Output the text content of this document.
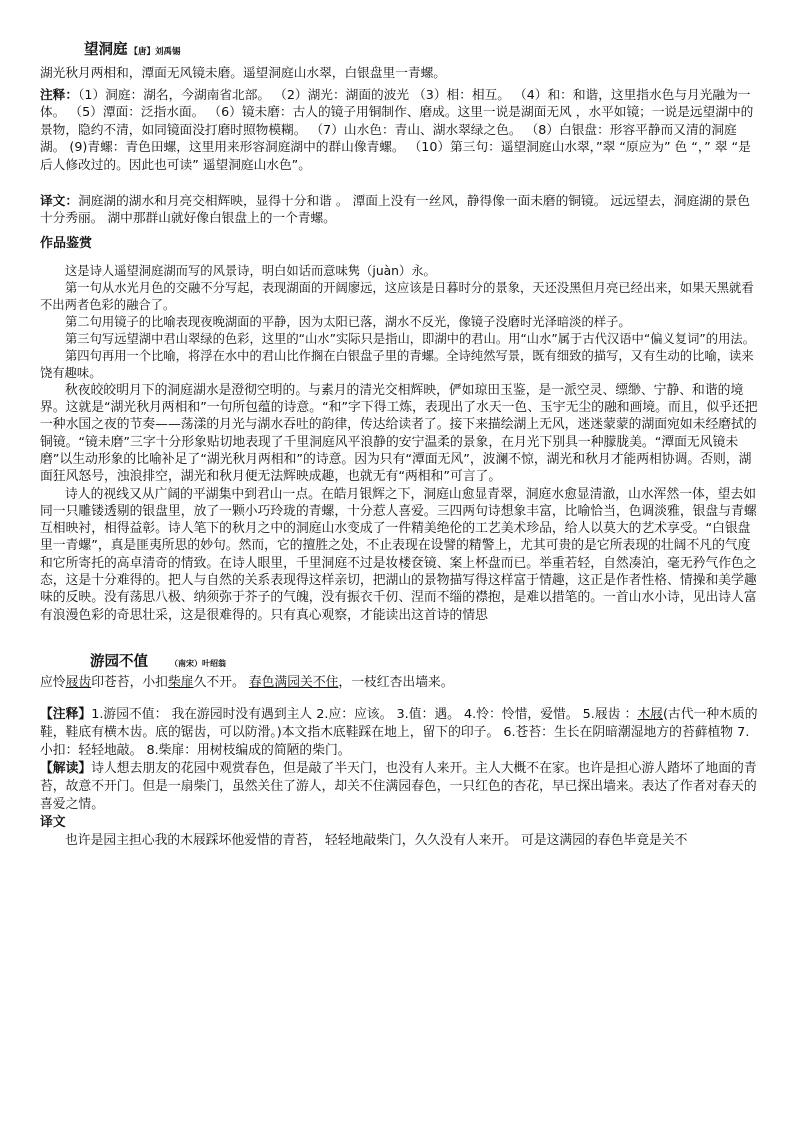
望洞庭 【唐】刘禹锡
湖光秋月两相和，潭面无风镜未磨。遥望洞庭山水翠，白银盘里一青螺。
注释：（1）洞庭：湖名，今湖南省北部。 （2）湖光：湖面的波光 （3）相：相互。 （4）和：和谐，这里指水色与月光融为一体。 （5）潭面：泛指水面。 （6）镜未磨：古人的镜子用铜制作、磨成。这里一说是湖面无风 ，水平如镜；一说是远望湖中的景物，隐约不清，如同镜面没打磨时照物模糊。 （7）山水色：青山、湖水翠绿之色。 （8）白银盘：形容平静而又清的洞庭湖。 (9)青螺：青色田螺，这里用来形容洞庭湖中的群山像青螺。 （10）第三句：遥望洞庭山水翠，”翠 “原应为” 色 “，” 翠 “是后人修改过的。因此也可读” 遥望洞庭山水色”。
译文：洞庭湖的湖水和月亮交相辉映，显得十分和谐 。 潭面上没有一丝风，静得像一面未磨的铜镜。 远远望去，洞庭湖的景色十分秀丽。 湖中那群山就好像白银盘上的一个青螺。
作品鉴赏

这是诗人遥望洞庭湖而写的风景诗，明白如话而意味隽（juàn）永。

第一句从水光月色的交融不分写起，表现湖面的开阔廖远，这应该是日暮时分的景象，天还没黑但月亮已经出来，如果天黑就看不出两者色彩的融合了。

第二句用镜子的比喻表现夜晚湖面的平静，因为太阳已落，湖水不反光，像镜子没磨时光泽暗淡的样子。

第三句写远望湖中君山翠绿的色彩，这里的“山水”实际只是指山，即湖中的君山。用“山水”属于古代汉语中“偏义复词”的用法。

第四句再用一个比喻，将浮在水中的君山比作搁在白银盘子里的青螺。全诗纯然写景，既有细致的描写，又有生动的比喻，读来饶有趣味。

秋夜皎皎明月下的洞庭湖水是澄彻空明的。与素月的清光交相辉映，俨如琼田玉鉴，是一派空灵、缥缈、宁静、和谐的境界。这就是“湖光秋月两相和”一句所包蕴的诗意。“和”字下得工炼，表现出了水天一色、玉宇无尘的融和画境。而且，似乎还把一种水国之夜的节奏——荡漾的月光与湖水吞吐的韵律，传达给读者了。接下来描绘湖上无风，迷迷蒙蒙的湖面宛如未经磨拭的铜镜。“镜未磨”三字十分形象贴切地表现了千里洞庭风平浪静的安宁温柔的景象，在月光下别具一种朦胧美。“潭面无风镜未磨”以生动形象的比喻补足了“湖光秋月两相和”的诗意。因为只有“潭面无风”，波澜不惊，湖光和秋月才能两相协调。否则，湖面狂风怒号，浊浪排空，湖光和秋月便无法辉映成趣，也就无有“两相和”可言了。

诗人的视线又从广阔的平湖集中到君山一点。在皓月银辉之下，洞庭山愈显青翠，洞庭水愈显清澈，山水浑然一体，望去如同一只雕镂透剔的银盘里，放了一颗小巧玲珑的青螺，十分惹人喜爱。三四两句诗想象丰富，比喻恰当，色调淡雅，银盘与青螺互相映衬，相得益彰。诗人笔下的秋月之中的洞庭山水变成了一件精美绝伦的工艺美术珍品，给人以莫大的艺术享受。“白银盘里一青螺”，真是匪夷所思的妙句。然而，它的擅胜之处，不止表现在设譬的精警上，尤其可贵的是它所表现的壮阔不凡的气度和它所寄托的高卓清奇的情致。在诗人眼里，千里洞庭不过是妆楼奁镜、案上杯盘而已。举重若轻，自然凑泊，毫无矜气作色之态，这是十分难得的。把人与自然的关系表现得这样亲切，把湖山的景物描写得这样富于情趣，这正是作者性格、情操和美学趣味的反映。没有荡思八极、纳须弥于芥子的气魄，没有振衣千仞、涅而不缁的襟抱，是难以措笔的。一首山水小诗，见出诗人富有浪漫色彩的奇思壮采，这是很难得的。只有真心观察，才能读出这首诗的情思

游园不值	（南宋）叶绍翁
应怜屐齿印苍苔，小扣柴扉久不开。 春色满园关不住，一枝红杏出墙来。
【注释】1.游园不值： 我在游园时没有遇到主人 2.应：应该。 3.值：遇。 4.怜：怜惜，爱惜。 5.屐齿 ：木屐(古代一种木质的鞋，鞋底有横木齿。底的锯齿，可以防滑。)本文指木底鞋踩在地上，留下的印子。 6.苍苔：生长在阴暗潮湿地方的苔藓植物 7.小扣：轻轻地敲。 8.柴扉：用树枝编成的简陋的柴门。
【解读】诗人想去朋友的花园中观赏春色，但是敲了半天门，也没有人来开。主人大概不在家。也许是担心游人踏坏了地面的青苔，故意不开门。但是一扇柴门，虽然关住了游人，却关不住满园春色，一只红色的杏花，早已探出墙来。表达了作者对春天的喜爱之情。
译文
也许是园主担心我的木屐踩坏他爱惜的青苔， 轻轻地敲柴门，久久没有人来开。 可是这满园的春色毕竟是关不
